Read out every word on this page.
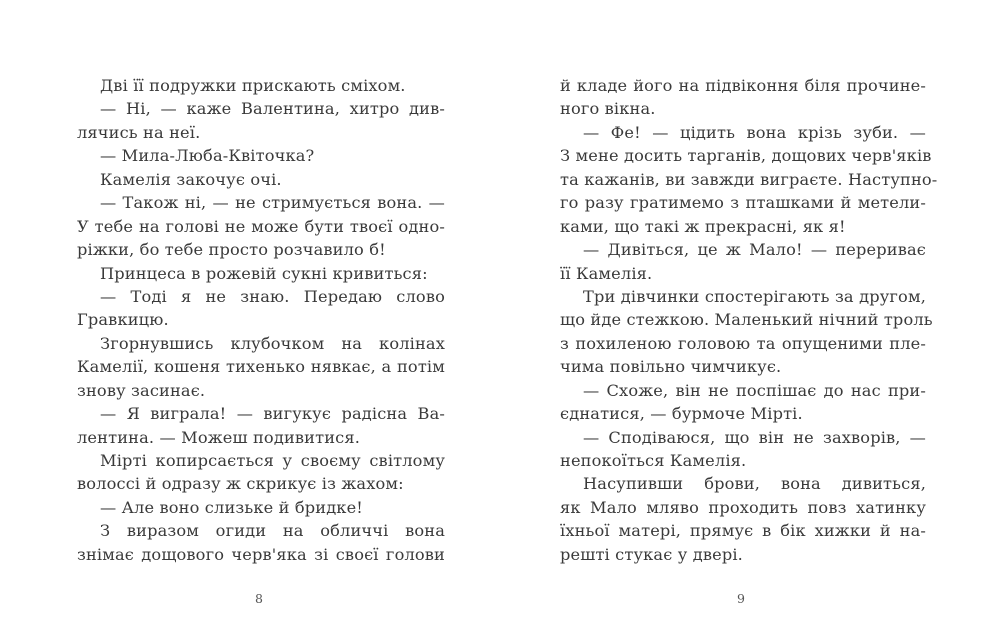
Дві її подружки прискають сміхом.
— Ні, — каже Валентина, хитро див-
лячись на неї.
— Мила-Люба-Квіточка?
Камелія закочує очі.
— Також ні, — не стримується вона. —
У тебе на голові не може бути твоєї одно-
ріжки, бо тебе просто розчавило б!
Принцеса в рожевій сукні кривиться:
— Тоді я не знаю. Передаю слово
Гравкицю.
Згорнувшись клубочком на колінах
Камелії, кошеня тихенько нявкає, а потім
знову засинає.
— Я виграла! — вигукує радісна Ва-
лентина. — Можеш подивитися.
Мірті копирсається у своєму світлому
волоссі й одразу ж скрикує із жахом:
— Але воно слизьке й бридке!
З виразом огиди на обличчі вона
знімає дощового черв'яка зі своєї голови
8
й кладе його на підвіконня біля прочине-
ного вікна.
— Фе! — цідить вона крізь зуби. —
З мене досить тарганів, дощових черв'яків
та кажанів, ви завжди виграєте. Наступно-
го разу гратимемо з пташками й метели-
ками, що такі ж прекрасні, як я!
— Дивіться, це ж Мало! — перериває
її Камелія.
Три дівчинки спостерігають за другом,
що йде стежкою. Маленький нічний троль
з похиленою головою та опущеними пле-
чима повільно чимчикує.
— Схоже, він не поспішає до нас при-
єднатися, — бурмоче Мірті.
— Сподіваюся, що він не захворів, —
непокоїться Камелія.
Насупивши брови, вона дивиться,
як Мало мляво проходить повз хатинку
їхньої матері, прямує в бік хижки й на-
решті стукає у двері.
9
